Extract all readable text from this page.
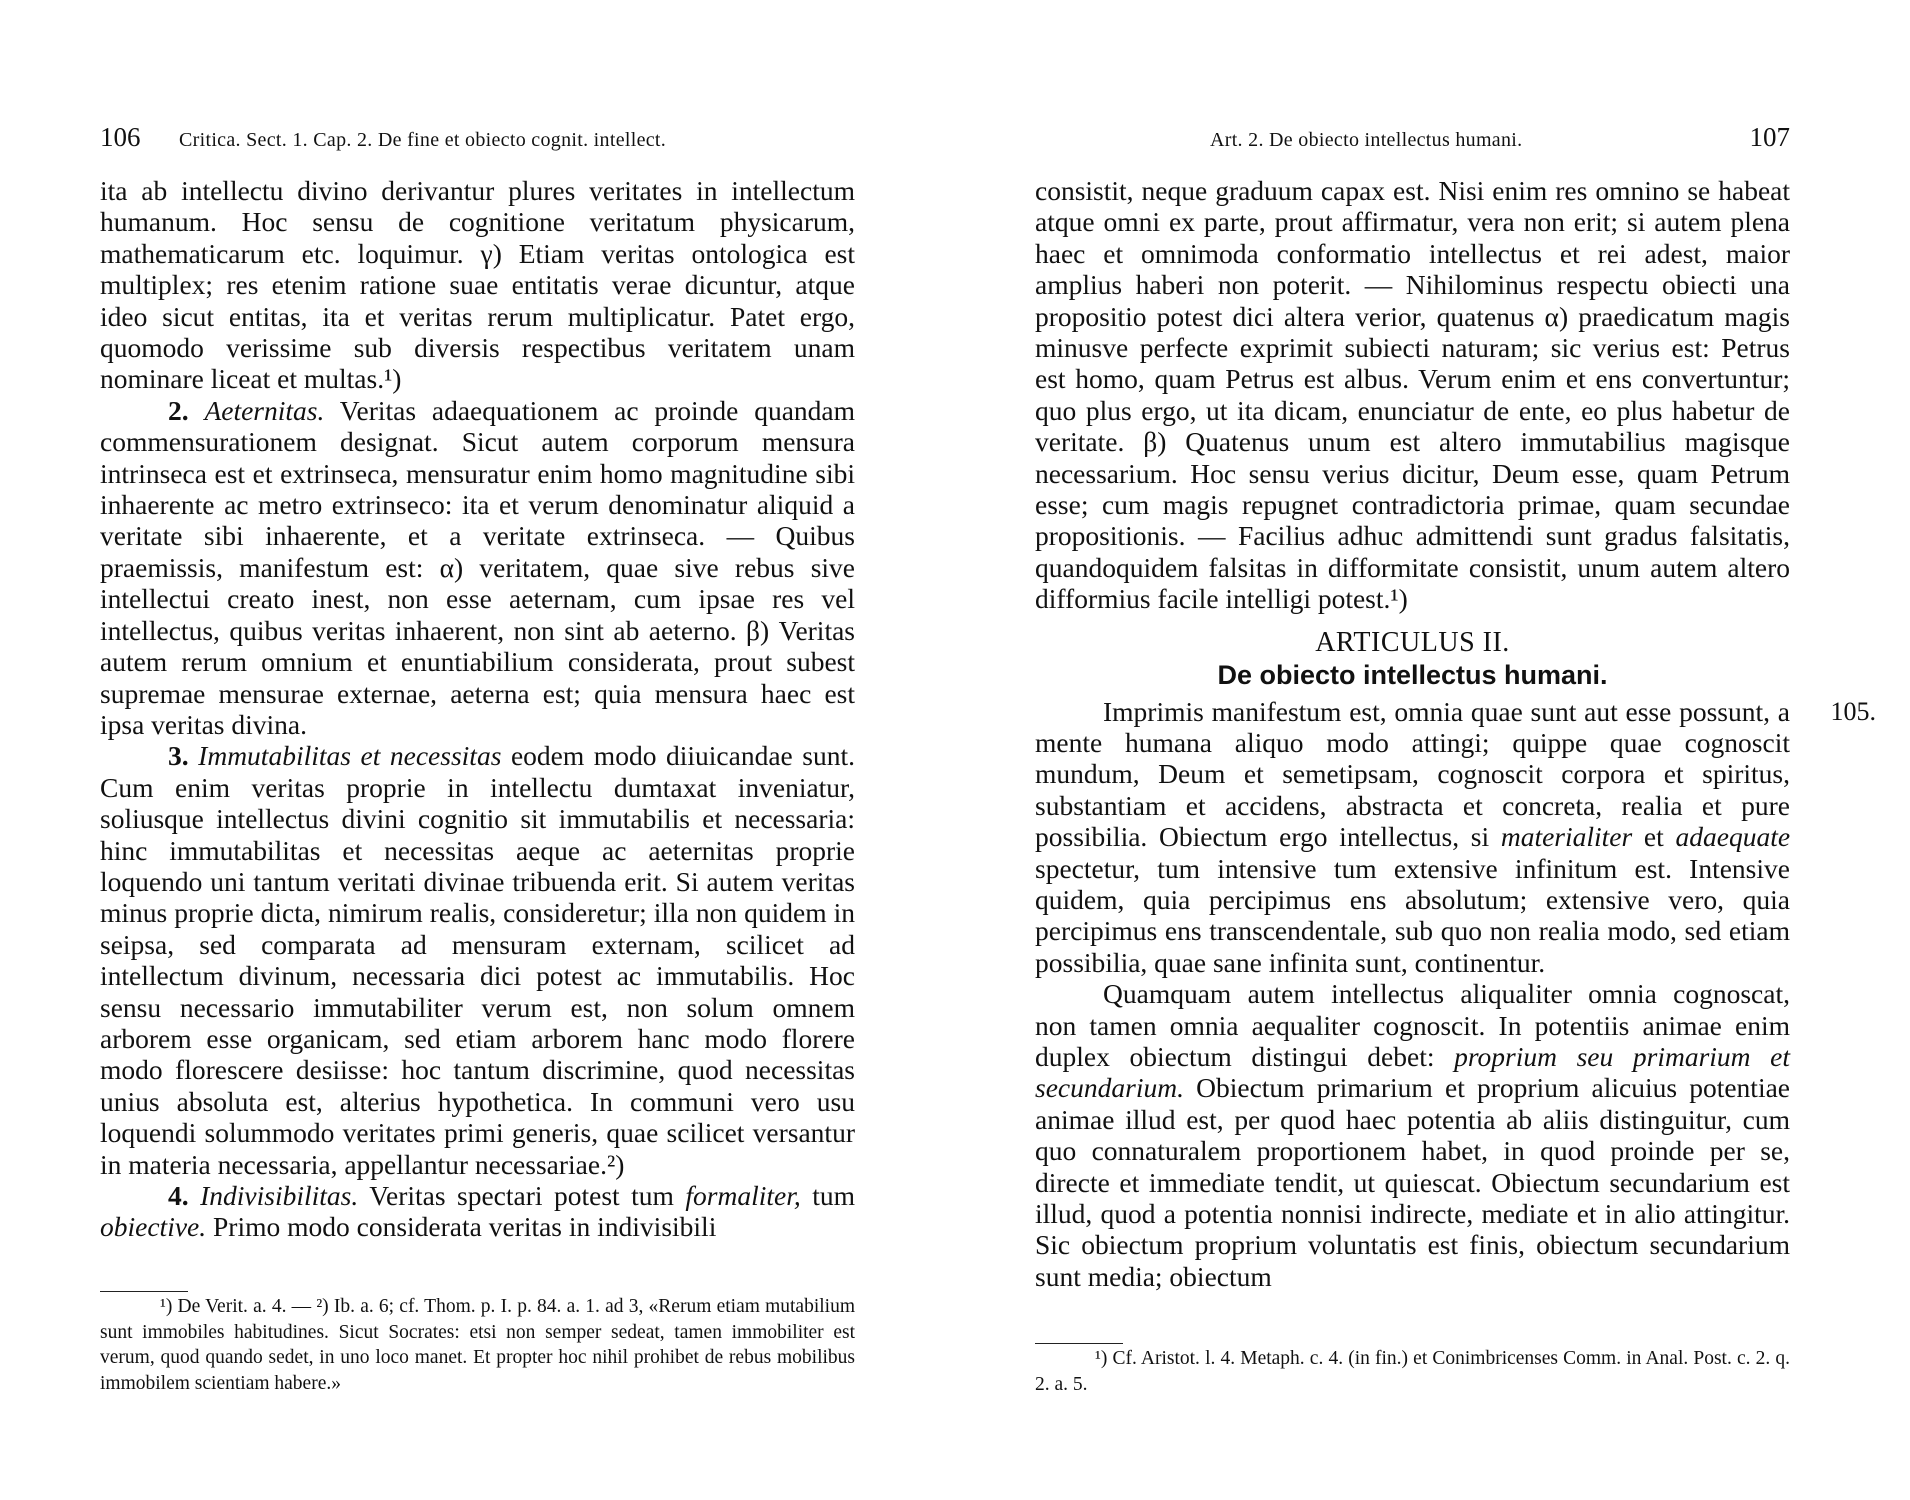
106 Critica. Sect. 1. Cap. 2. De fine et obiecto cognit. intellect.

ita ab intellectu divino derivantur plures veritates in intellectum humanum. Hoc sensu de cognitione veritatum physicarum, mathematicarum etc. loquimur. γ) Etiam veritas ontologica est multiplex; res etenim ratione suae entitatis verae dicuntur, atque ideo sicut entitas, ita et veritas rerum multiplicatur. Patet ergo, quomodo verissime sub diversis respectibus veritatem unam nominare liceat et multas.¹)

2. Aeternitas. Veritas adaequationem ac proinde quandam commensurationem designat. Sicut autem corporum mensura intrinseca est et extrinseca, mensuratur enim homo magnitudine sibi inhaerente ac metro extrinseco: ita et verum denominatur aliquid a veritate sibi inhaerente, et a veritate extrinseca. — Quibus praemissis, manifestum est: α) veritatem, quae sive rebus sive intellectui creato inest, non esse aeternam, cum ipsae res vel intellectus, quibus veritas inhaerent, non sint ab aeterno. β) Veritas autem rerum omnium et enuntiabilium considerata, prout subest supremae mensurae externae, aeterna est; quia mensura haec est ipsa veritas divina.

3. Immutabilitas et necessitas eodem modo diiuicandae sunt. Cum enim veritas proprie in intellectu dumtaxat inveniatur, soliusque intellectus divini cognitio sit immutabilis et necessaria: hinc immutabilitas et necessitas aeque ac aeternitas proprie loquendo uni tantum veritati divinae tribuenda erit. Si autem veritas minus proprie dicta, nimirum realis, consideretur; illa non quidem in seipsa, sed comparata ad mensuram externam, scilicet ad intellectum divinum, necessaria dici potest ac immutabilis. Hoc sensu necessario immutabiliter verum est, non solum omnem arborem esse organicam, sed etiam arborem hanc modo florere modo florescere desiisse: hoc tantum discrimine, quod necessitas unius absoluta est, alterius hypothetica. In communi vero usu loquendi solummodo veritates primi generis, quae scilicet versantur in materia necessaria, appellantur necessariae.²)

4. Indivisibilitas. Veritas spectari potest tum formaliter, tum obiective. Primo modo considerata veritas in indivisibili

¹) De Verit. a. 4. — ²) Ib. a. 6; cf. Thom. p. I. p. 84. a. 1. ad 3, «Rerum etiam mutabilium sunt immobiles habitudines. Sicut Socrates: etsi non semper sedeat, tamen immobiliter est verum, quod quando sedet, in uno loco manet. Et propter hoc nihil prohibet de rebus mobilibus immobilem scientiam habere.»

Art. 2. De obiecto intellectus humani.	107

consistit, neque graduum capax est. Nisi enim res omnino se habeat atque omni ex parte, prout affirmatur, vera non erit; si autem plena haec et omnimoda conformatio intellectus et rei adest, maior amplius haberi non poterit. — Nihilominus respectu obiecti una propositio potest dici altera verior, quatenus α) praedicatum magis minusve perfecte exprimit subiecti naturam; sic verius est: Petrus est homo, quam Petrus est albus. Verum enim et ens convertuntur; quo plus ergo, ut ita dicam, enunciatur de ente, eo plus habetur de veritate. β) Quatenus unum est altero immutabilius magisque necessarium. Hoc sensu verius dicitur, Deum esse, quam Petrum esse; cum magis repugnet contradictoria primae, quam secundae propositionis. — Facilius adhuc admittendi sunt gradus falsitatis, quandoquidem falsitas in difformitate consistit, unum autem altero difformius facile intelligi potest.¹)

ARTICULUS II.
De obiecto intellectus humani.

105.
Imprimis manifestum est, omnia quae sunt aut esse possunt, a mente humana aliquo modo attingi; quippe quae cognoscit mundum, Deum et semetipsam, cognoscit corpora et spiritus, substantiam et accidens, abstracta et concreta, realia et pure possibilia. Obiectum ergo intellectus, si materialiter et adaequate spectetur, tum intensive tum extensive infinitum est. Intensive quidem, quia percipimus ens absolutum; extensive vero, quia percipimus ens transcendentale, sub quo non realia modo, sed etiam possibilia, quae sane infinita sunt, continentur.

Quamquam autem intellectus aliqualiter omnia cognoscat, non tamen omnia aequaliter cognoscit. In potentiis animae enim duplex obiectum distingui debet: proprium seu primarium et secundarium. Obiectum primarium et proprium alicuius potentiae animae illud est, per quod haec potentia ab aliis distinguitur, cum quo connaturalem proportionem habet, in quod proinde per se, directe et immediate tendit, ut quiescat. Obiectum secundarium est illud, quod a potentia nonnisi indirecte, mediate et in alio attingitur. Sic obiectum proprium voluntatis est finis, obiectum secundarium sunt media; obiectum

¹) Cf. Aristot. l. 4. Metaph. c. 4. (in fin.) et Conimbricenses Comm. in Anal. Post. c. 2. q. 2. a. 5.
